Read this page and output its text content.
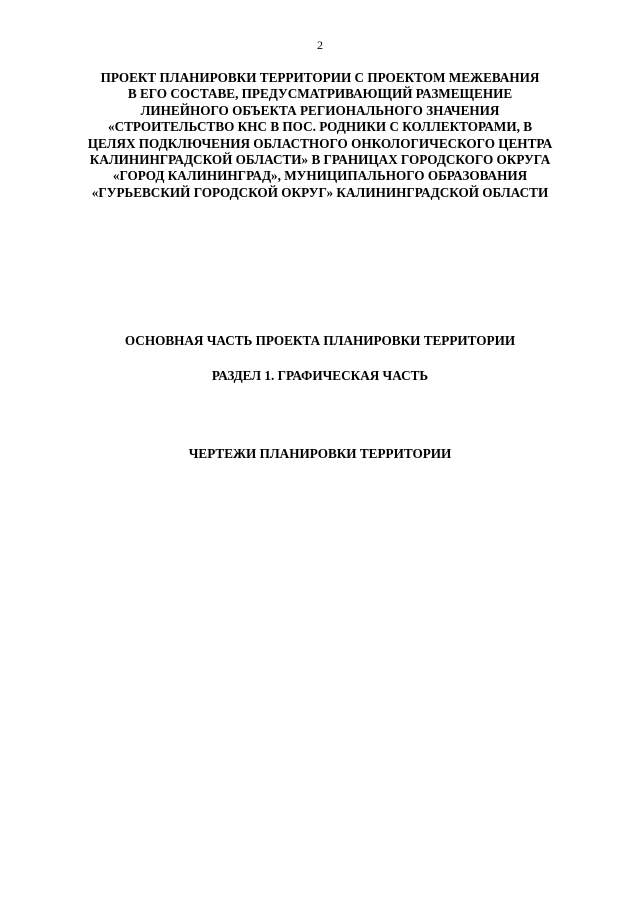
2
ПРОЕКТ ПЛАНИРОВКИ ТЕРРИТОРИИ С ПРОЕКТОМ МЕЖЕВАНИЯ
В ЕГО СОСТАВЕ, ПРЕДУСМАТРИВАЮЩИЙ РАЗМЕЩЕНИЕ
ЛИНЕЙНОГО ОБЪЕКТА РЕГИОНАЛЬНОГО ЗНАЧЕНИЯ
«СТРОИТЕЛЬСТВО КНС В ПОС. РОДНИКИ С КОЛЛЕКТОРАМИ, В
ЦЕЛЯХ ПОДКЛЮЧЕНИЯ ОБЛАСТНОГО ОНКОЛОГИЧЕСКОГО ЦЕНТРА
КАЛИНИНГРАДСКОЙ ОБЛАСТИ» В ГРАНИЦАХ ГОРОДСКОГО ОКРУГА
«ГОРОД КАЛИНИНГРАД», МУНИЦИПАЛЬНОГО ОБРАЗОВАНИЯ
«ГУРЬЕВСКИЙ ГОРОДСКОЙ ОКРУГ» КАЛИНИНГРАДСКОЙ ОБЛАСТИ
ОСНОВНАЯ ЧАСТЬ ПРОЕКТА ПЛАНИРОВКИ ТЕРРИТОРИИ
РАЗДЕЛ 1. ГРАФИЧЕСКАЯ ЧАСТЬ
ЧЕРТЕЖИ ПЛАНИРОВКИ ТЕРРИТОРИИ
